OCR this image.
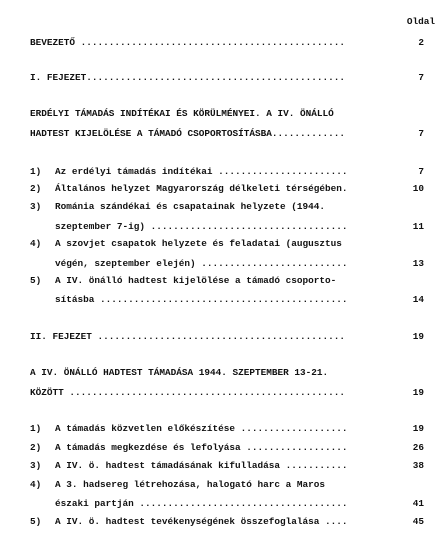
Oldal
BEVEZETŐ ...............................................	2
I. FEJEZET..............................................	7
ERDÉLYI TÁMADÁS INDÍTÉKAI ÉS KÖRÜLMÉNYEI. A IV. ÖNÁLLÓ
HADTEST KIJELÖLÉSE A TÁMADÓ CSOPORTOSÍTÁSBA.............	7
1) Az erdélyi támadás indítékai .......................	7
2) Általános helyzet Magyarország délkeleti térségében.	10
3) Románia szándékai és csapatainak helyzete (1944.
szeptember 7-ig) ...................................	11
4) A szovjet csapatok helyzete és feladatai (augusztus
végén, szeptember elején) ..........................	13
5) A IV. önálló hadtest kijelölése a támadó csoporto-
sításba ............................................	14
II. FEJEZET ............................................	19
A IV. ÖNÁLLÓ HADTEST TÁMADÁSA 1944. SZEPTEMBER 13-21.
KÖZÖTT .................................................	19
1) A támadás közvetlen előkészítése ...................	19
2) A támadás megkezdése és lefolyása ..................	26
3) A IV. ö. hadtest támadásának kifulladása ...........	38
4) A 3. hadsereg létrehozása, halogató harc a Maros
északi partján .....................................	41
5) A IV. ö. hadtest tevékenységének összefoglalása ....	45
